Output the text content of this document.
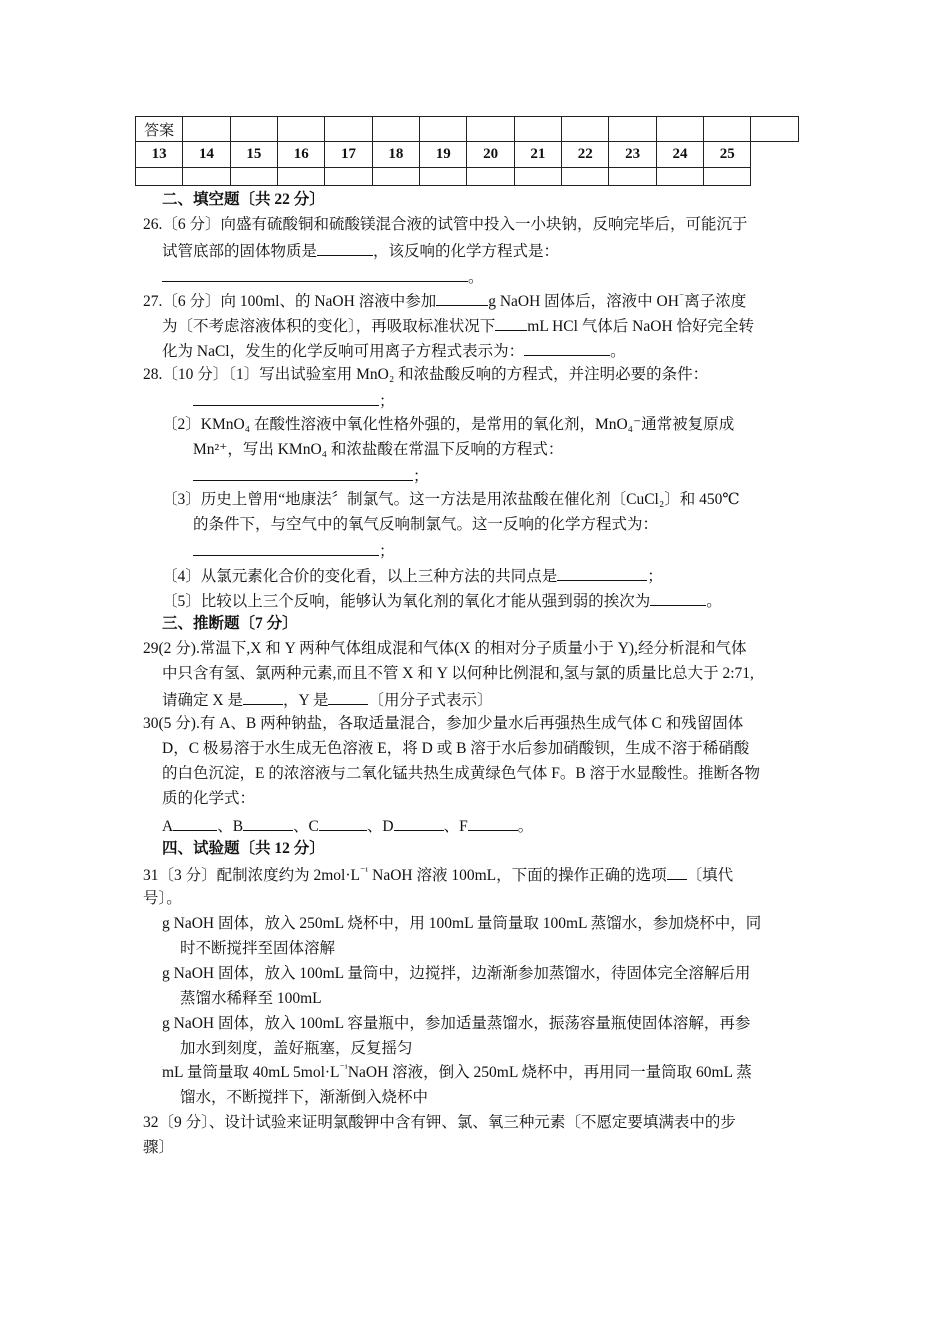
答案													
13	14	15	16	17	18	19	20	21	22	23	24	25	

二、填空题〔共 22 分〕
26.〔6 分〕向盛有硫酸铜和硫酸镁混合液的试管中投入一小块钠，反响完毕后，可能沉于
试管底部的固体物质是	，该反响的化学方程式是：
。
27.〔6 分〕向 100ml、的 NaOH 溶液中参加	g NaOH 固体后，溶液中 OH⁻离子浓度
为〔不考虑溶液体积的变化〕，再吸取标准状况下 mL HCl 气体后 NaOH 恰好完全转
化为 NaCl，发生的化学反响可用离子方程式表示为：	。
28.〔10 分〕〔1〕写出试验室用 MnO₂ 和浓盐酸反响的方程式，并注明必要的条件：
；
〔2〕KMnO₄ 在酸性溶液中氧化性格外强的，是常用的氧化剂，MnO₄⁻通常被复原成
Mn²⁺，写出 KMnO₄ 和浓盐酸在常温下反响的方程式：
；
〔3〕历史上曾用“地康法〞制氯气。这一方法是用浓盐酸在催化剂〔CuCl₂〕和 450℃
的条件下，与空气中的氧气反响制氯气。这一反响的化学方程式为：
；
〔4〕从氯元素化合价的变化看，以上三种方法的共同点是	；
〔5〕比较以上三个反响，能够认为氧化剂的氧化才能从强到弱的挨次为	。
三、推断题〔7 分〕
29(2 分).常温下,X 和 Y 两种气体组成混和气体(X 的相对分子质量小于 Y),经分析混和气体
中只含有氢、氯两种元素,而且不管 X 和 Y 以何种比例混和,氢与氯的质量比总大于 2:71,
请确定 X 是	，Y 是	〔用分子式表示〕
30(5 分).有 A、B 两种钠盐，各取适量混合，参加少量水后再强热生成气体 C 和残留固体
D，C 极易溶于水生成无色溶液 E，将 D 或 B 溶于水后参加硝酸钡，生成不溶于稀硝酸
的白色沉淀，E 的浓溶液与二氧化锰共热生成黄绿色气体 F。B 溶于水显酸性。推断各物
质的化学式：
A	、B	、C	、D	、F	。
四、试验题〔共 12 分〕
31〔3 分〕配制浓度约为 $2mol\cdot L^{^{-1}}$ NaOH 溶液 100mL，下面的操作正确的选项 〔填代
号〕。
g NaOH 固体，放入 250mL 烧杯中，用 100mL 量筒量取 100mL 蒸馏水，参加烧杯中，同
时不断搅拌至固体溶解
g NaOH 固体，放入 100mL 量筒中，边搅拌，边渐渐参加蒸馏水，待固体完全溶解后用
蒸馏水稀释至 100mL
g NaOH 固体，放入 100mL 容量瓶中，参加适量蒸馏水，振荡容量瓶使固体溶解，再参
加水到刻度，盖好瓶塞，反复摇匀
mL 量筒量取 40mL $5mol\cdot L^{^{-1}}NaOH$ 溶液，倒入 250mL 烧杯中，再用同一量筒取 60mL 蒸
馏水，不断搅拌下，渐渐倒入烧杯中
32〔9 分〕、设计试验来证明氯酸钾中含有钾、氯、氧三种元素〔不愿定要填满表中的步
骤〕
